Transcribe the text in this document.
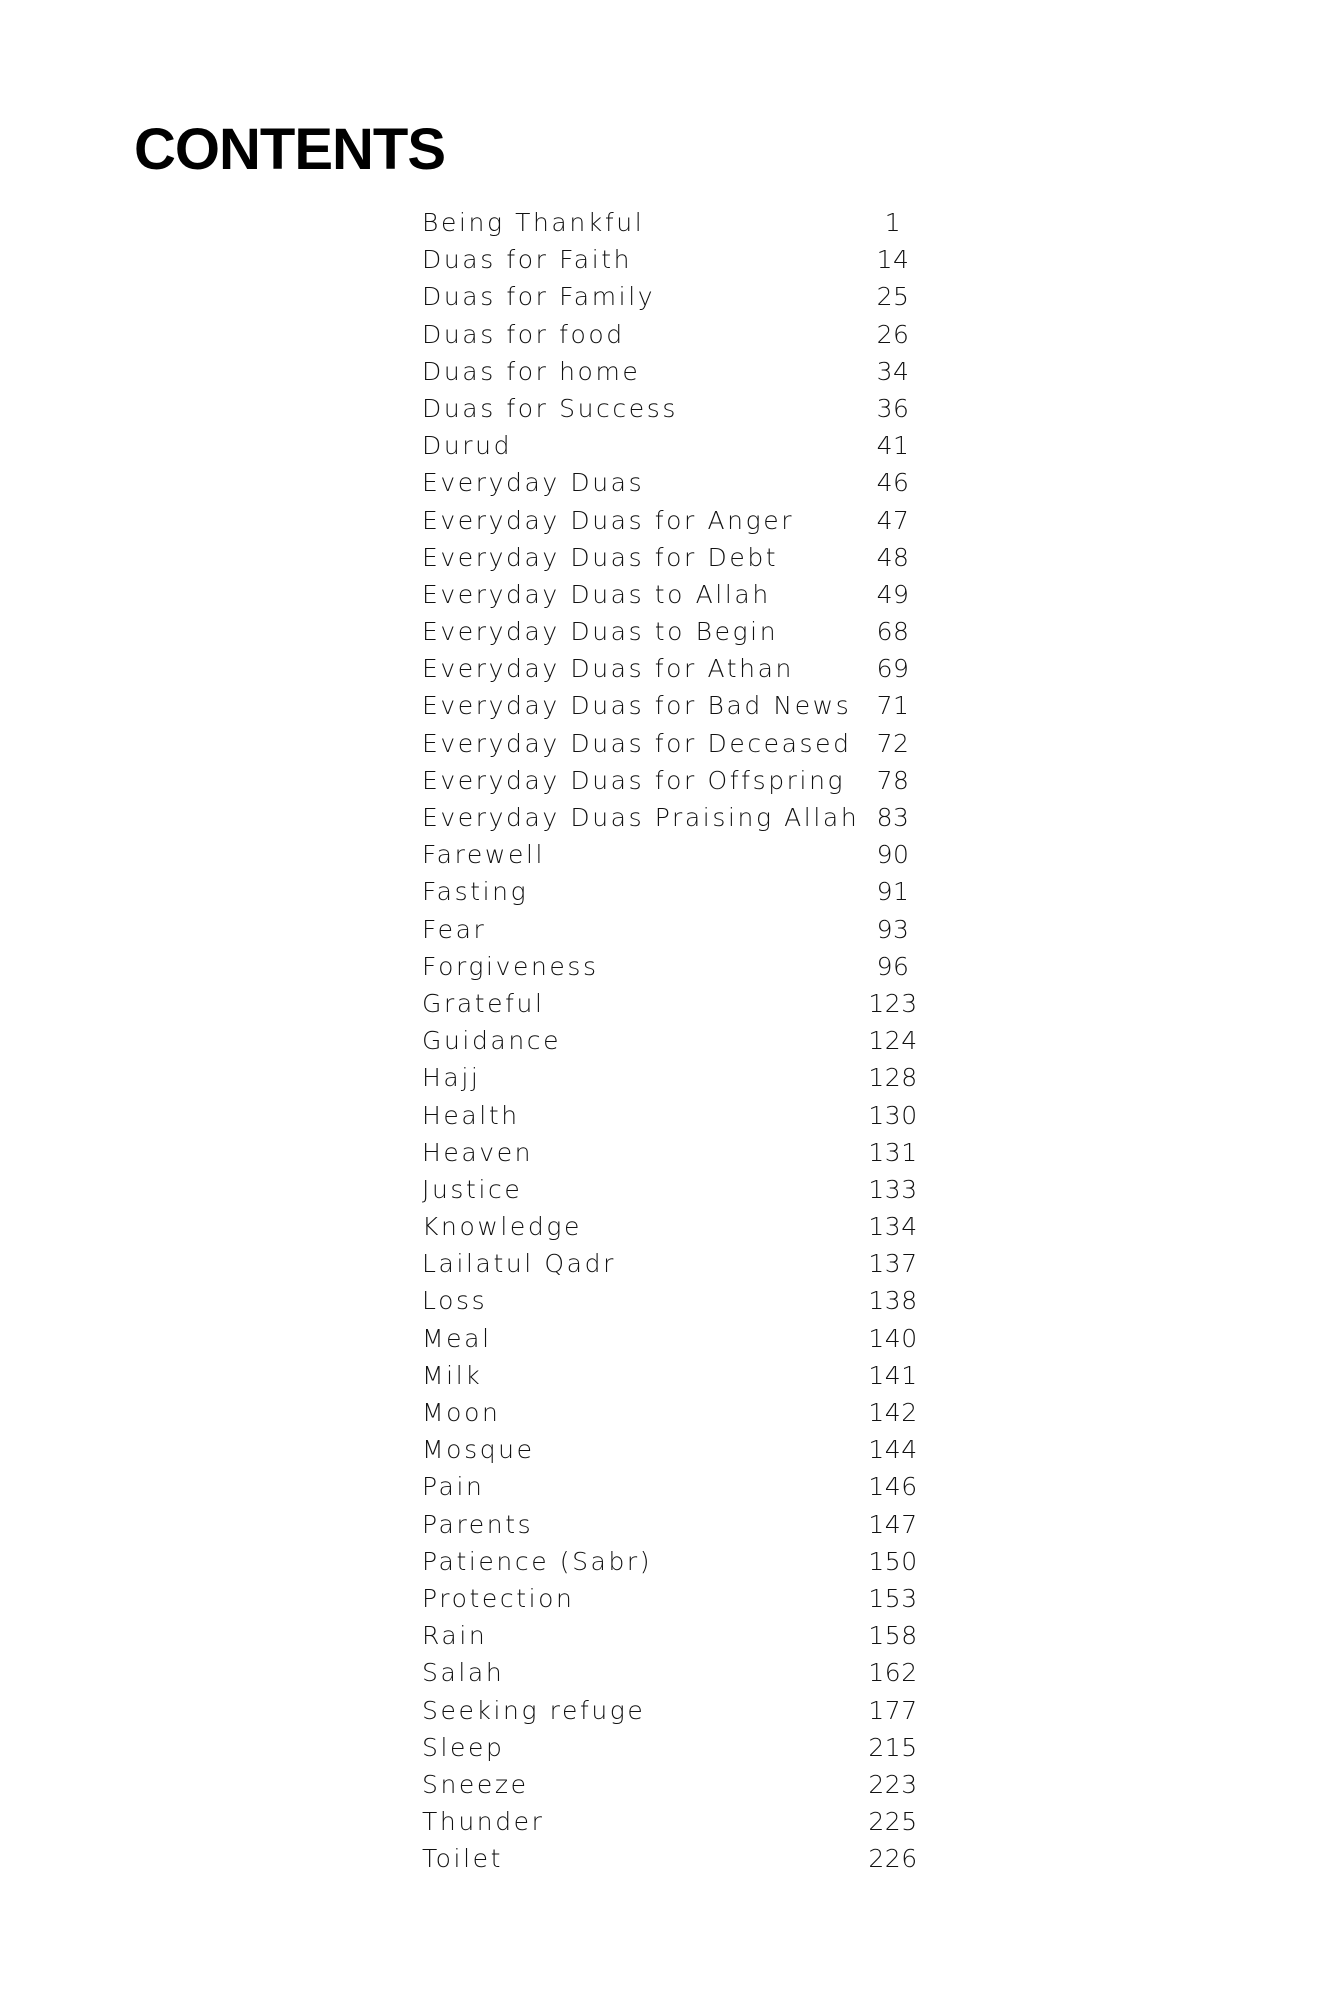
CONTENTS
Being Thankful	1
Duas for Faith	14
Duas for Family	25
Duas for food	26
Duas for home	34
Duas for Success	36
Durud	41
Everyday Duas	46
Everyday Duas for Anger	47
Everyday Duas for Debt	48
Everyday Duas to Allah	49
Everyday Duas to Begin	68
Everyday Duas for Athan	69
Everyday Duas for Bad News	71
Everyday Duas for Deceased 72
Everyday Duas for Offspring	78
Everyday Duas Praising Allah 83
Farewell	90
Fasting	91
Fear	93
Forgiveness	96
Grateful	123
Guidance	124
Hajj	128
Health	130
Heaven	131
Justice	133
Knowledge	134
Lailatul Qadr	137
Loss	138
Meal	140
Milk	141
Moon	142
Mosque	144
Pain	146
Parents	147
Patience (Sabr)	150
Protection	153
Rain	158
Salah	162
Seeking refuge	177
Sleep	215
Sneeze	223
Thunder	225
Toilet	226
